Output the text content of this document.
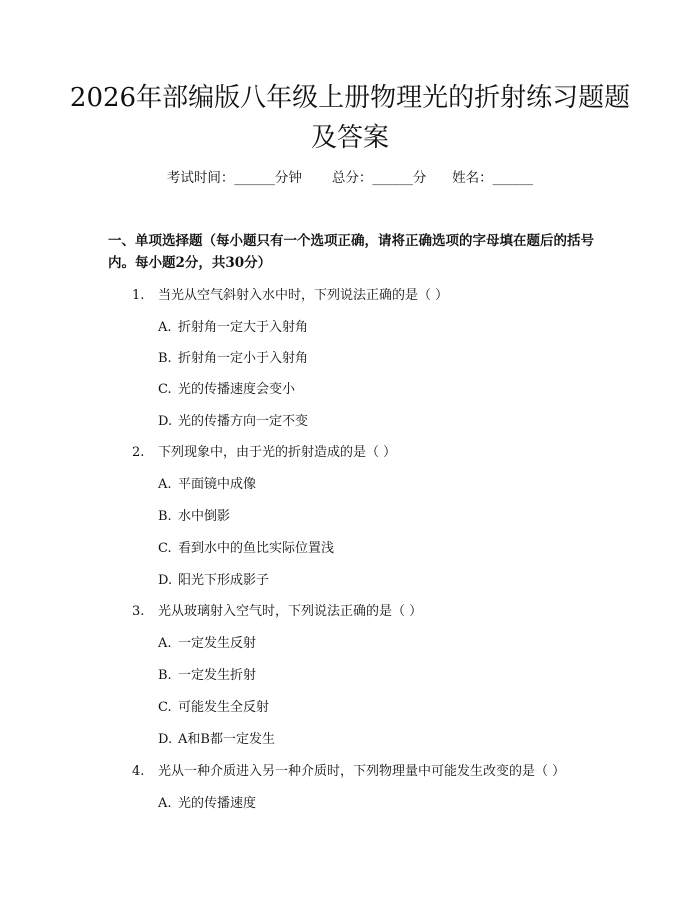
2026年部编版八年级上册物理光的折射练习题题及答案
考试时间：______分钟 总分：______分 姓名：______
一、单项选择题（每小题只有一个选项正确，请将正确选项的字母填在题后的括号内。每小题2分，共30分）
1. 当光从空气斜射入水中时，下列说法正确的是（ ）
A. 折射角一定大于入射角
B. 折射角一定小于入射角
C. 光的传播速度会变小
D. 光的传播方向一定不变
2. 下列现象中，由于光的折射造成的是（ ）
A. 平面镜中成像
B. 水中倒影
C. 看到水中的鱼比实际位置浅
D. 阳光下形成影子
3. 光从玻璃射入空气时，下列说法正确的是（ ）
A. 一定发生反射
B. 一定发生折射
C. 可能发生全反射
D. A和B都一定发生
4. 光从一种介质进入另一种介质时，下列物理量中可能发生改变的是（ ）
A. 光的传播速度
